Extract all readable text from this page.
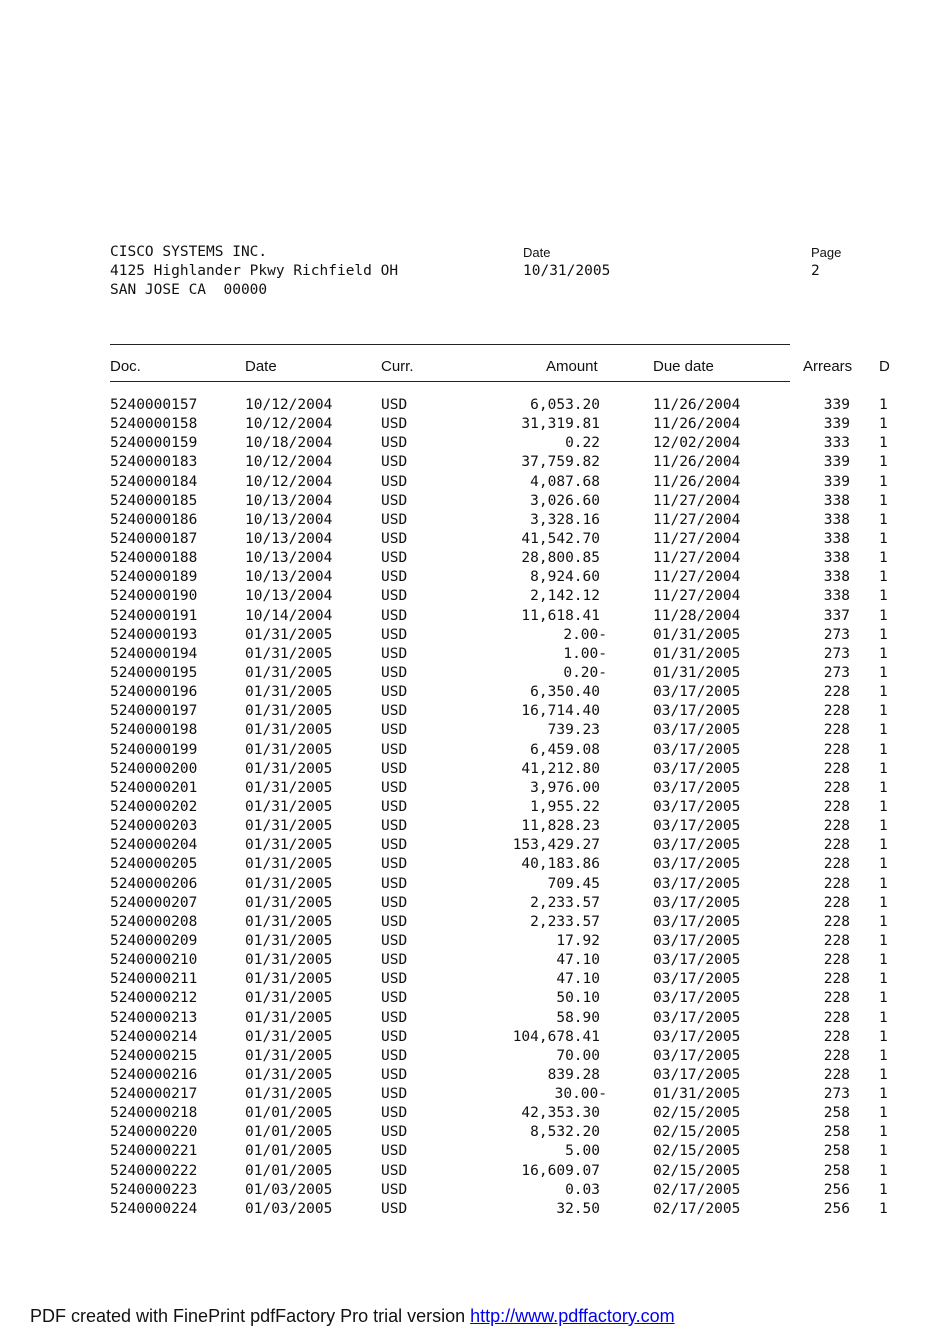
CISCO SYSTEMS INC.
4125 Highlander Pkwy Richfield OH
SAN JOSE CA  00000
Date
10/31/2005
Page
2
Doc.	Date	Curr.	Amount	Due date	Arrears D
5240000157	10/12/2004	USD	6,053.20	11/26/2004	339 1
5240000158	10/12/2004	USD	31,319.81	11/26/2004	339 1
5240000159	10/18/2004	USD	0.22	12/02/2004	333 1
5240000183	10/12/2004	USD	37,759.82	11/26/2004	339 1
5240000184	10/12/2004	USD	4,087.68	11/26/2004	339 1
5240000185	10/13/2004	USD	3,026.60	11/27/2004	338 1
5240000186	10/13/2004	USD	3,328.16	11/27/2004	338 1
5240000187	10/13/2004	USD	41,542.70	11/27/2004	338 1
5240000188	10/13/2004	USD	28,800.85	11/27/2004	338 1
5240000189	10/13/2004	USD	8,924.60	11/27/2004	338 1
5240000190	10/13/2004	USD	2,142.12	11/27/2004	338 1
5240000191	10/14/2004	USD	11,618.41	11/28/2004	337 1
5240000193	01/31/2005	USD	2.00-	01/31/2005	273 1
5240000194	01/31/2005	USD	1.00-	01/31/2005	273 1
5240000195	01/31/2005	USD	0.20-	01/31/2005	273 1
5240000196	01/31/2005	USD	6,350.40	03/17/2005	228 1
5240000197	01/31/2005	USD	16,714.40	03/17/2005	228 1
5240000198	01/31/2005	USD	739.23	03/17/2005	228 1
5240000199	01/31/2005	USD	6,459.08	03/17/2005	228 1
5240000200	01/31/2005	USD	41,212.80	03/17/2005	228 1
5240000201	01/31/2005	USD	3,976.00	03/17/2005	228 1
5240000202	01/31/2005	USD	1,955.22	03/17/2005	228 1
5240000203	01/31/2005	USD	11,828.23	03/17/2005	228 1
5240000204	01/31/2005	USD	153,429.27	03/17/2005	228 1
5240000205	01/31/2005	USD	40,183.86	03/17/2005	228 1
5240000206	01/31/2005	USD	709.45	03/17/2005	228 1
5240000207	01/31/2005	USD	2,233.57	03/17/2005	228 1
5240000208	01/31/2005	USD	2,233.57	03/17/2005	228 1
5240000209	01/31/2005	USD	17.92	03/17/2005	228 1
5240000210	01/31/2005	USD	47.10	03/17/2005	228 1
5240000211	01/31/2005	USD	47.10	03/17/2005	228 1
5240000212	01/31/2005	USD	50.10	03/17/2005	228 1
5240000213	01/31/2005	USD	58.90	03/17/2005	228 1
5240000214	01/31/2005	USD	104,678.41	03/17/2005	228 1
5240000215	01/31/2005	USD	70.00	03/17/2005	228 1
5240000216	01/31/2005	USD	839.28	03/17/2005	228 1
5240000217	01/31/2005	USD	30.00-	01/31/2005	273 1
5240000218	01/01/2005	USD	42,353.30	02/15/2005	258 1
5240000220	01/01/2005	USD	8,532.20	02/15/2005	258 1
5240000221	01/01/2005	USD	5.00	02/15/2005	258 1
5240000222	01/01/2005	USD	16,609.07	02/15/2005	258 1
5240000223	01/03/2005	USD	0.03	02/17/2005	256 1
5240000224	01/03/2005	USD	32.50	02/17/2005	256 1
PDF created with FinePrint pdfFactory Pro trial version http://www.pdffactory.com
